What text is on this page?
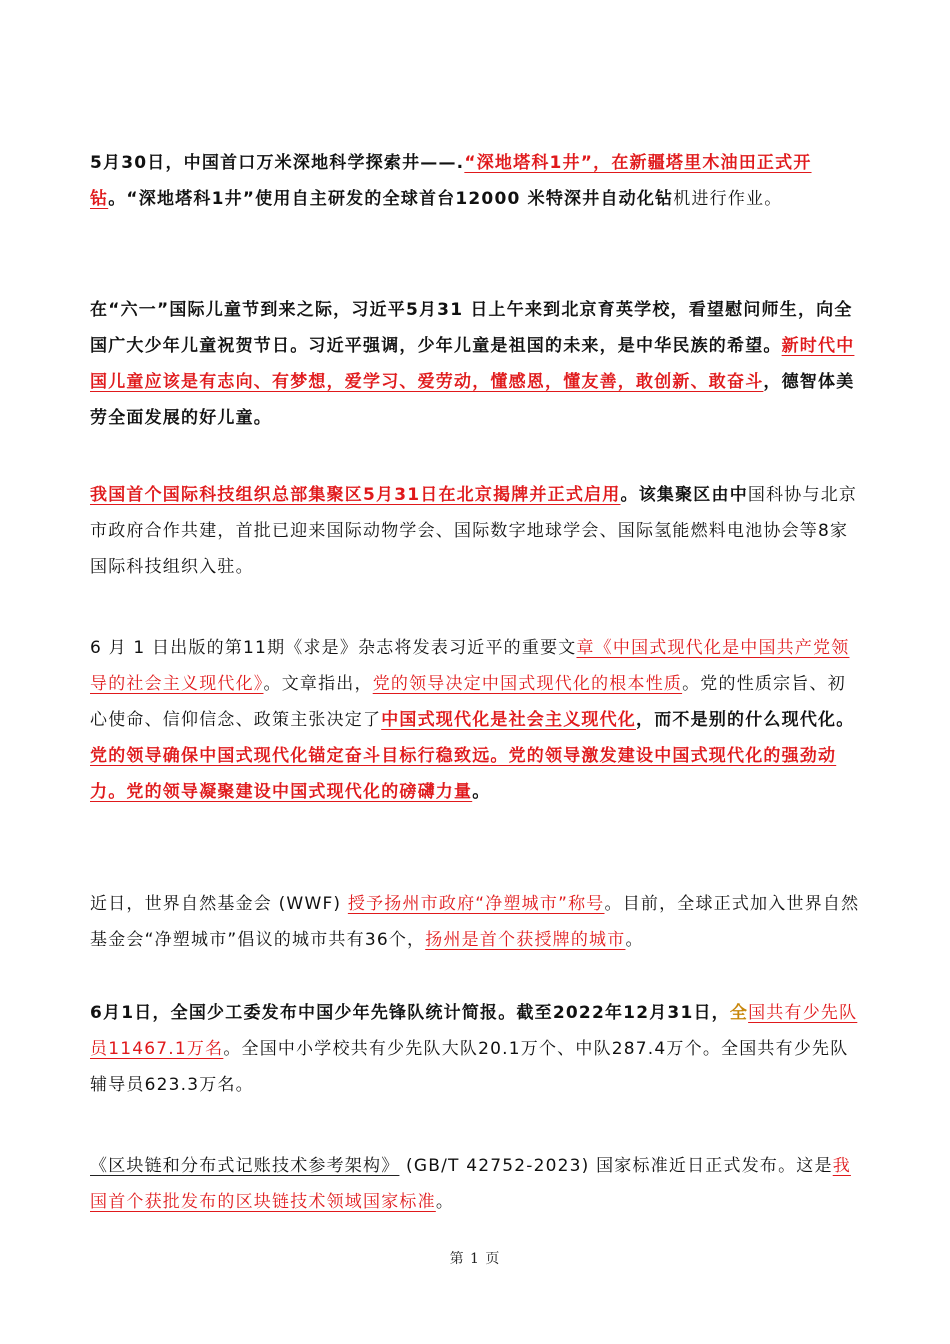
5月30日，中国首口万米深地科学探索井——.“深地塔科1井”，在新疆塔里木油田正式开钻。“深地塔科1井”使用自主研发的全球首台12000 米特深井自动化钻机进行作业。

在“六一”国际儿童节到来之际，习近平5月31 日上午来到北京育英学校，看望慰问师生，向全国广大少年儿童祝贺节日。习近平强调，少年儿童是祖国的未来，是中华民族的希望。新时代中国儿童应该是有志向、有梦想，爱学习、爱劳动，懂感恩，懂友善，敢创新、敢奋斗，德智体美劳全面发展的好儿童。

我国首个国际科技组织总部集聚区5月31日在北京揭牌并正式启用。该集聚区由中国科协与北京市政府合作共建，首批已迎来国际动物学会、国际数字地球学会、国际氢能燃料电池协会等8家国际科技组织入驻。

6 月 1 日出版的第11期《求是》杂志将发表习近平的重要文章《中国式现代化是中国共产党领导的社会主义现代化》。文章指出，党的领导决定中国式现代化的根本性质。党的性质宗旨、初心使命、信仰信念、政策主张决定了中国式现代化是社会主义现代化，而不是别的什么现代化。党的领导确保中国式现代化锚定奋斗目标行稳致远。党的领导激发建设中国式现代化的强劲动力。党的领导凝聚建设中国式现代化的磅礴力量。

近日，世界自然基金会 (WWF) 授予扬州市政府“净塑城市”称号。目前，全球正式加入世界自然基金会“净塑城市”倡议的城市共有36个，扬州是首个获授牌的城市。

6月1日，全国少工委发布中国少年先锋队统计简报。截至2022年12月31日，全国共有少先队员11467.1万名。全国中小学校共有少先队大队20.1万个、中队287.4万个。全国共有少先队辅导员623.3万名。

《区块链和分布式记账技术参考架构》 (GB/T 42752-2023) 国家标准近日正式发布。这是我国首个获批发布的区块链技术领域国家标准。

第 1 页
